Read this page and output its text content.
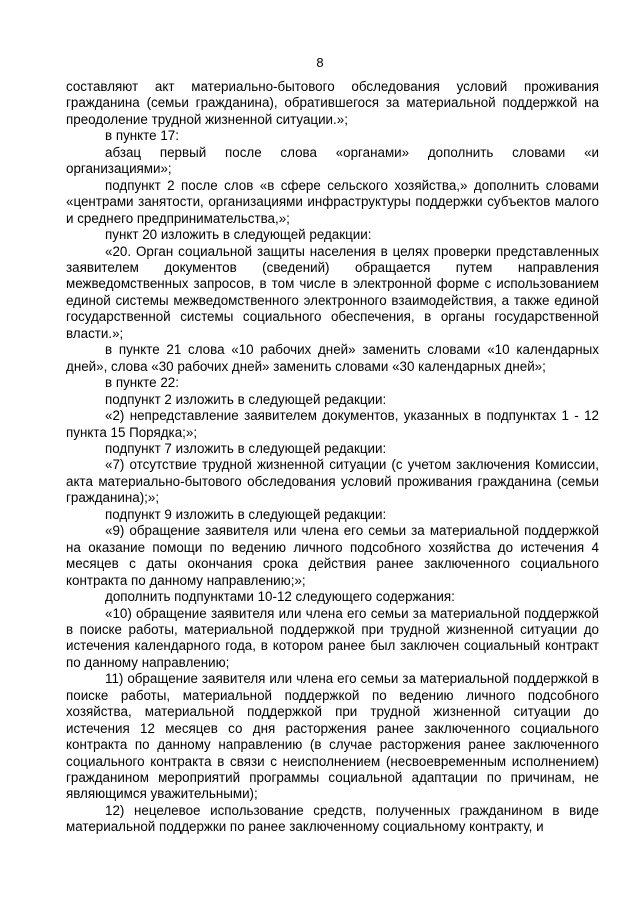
8

составляют акт материально-бытового обследования условий проживания гражданина (семьи гражданина), обратившегося за материальной поддержкой на преодоление трудной жизненной ситуации.»;

в пункте 17:

абзац первый после слова «органами» дополнить словами «и организациями»;

подпункт 2 после слов «в сфере сельского хозяйства,» дополнить словами «центрами занятости, организациями инфраструктуры поддержки субъектов малого и среднего предпринимательства,»;

пункт 20 изложить в следующей редакции:

«20. Орган социальной защиты населения в целях проверки представленных заявителем документов (сведений) обращается путем направления межведомственных запросов, в том числе в электронной форме с использованием единой системы межведомственного электронного взаимодействия, а также единой государственной системы социального обеспечения, в органы государственной власти.»;

в пункте 21 слова «10 рабочих дней» заменить словами «10 календарных дней», слова «30 рабочих дней» заменить словами «30 календарных дней»;

в пункте 22:

подпункт 2 изложить в следующей редакции:

«2) непредставление заявителем документов, указанных в подпунктах 1 - 12 пункта 15 Порядка;»;

подпункт 7 изложить в следующей редакции:

«7) отсутствие трудной жизненной ситуации (с учетом заключения Комиссии, акта материально-бытового обследования условий проживания гражданина (семьи гражданина);»;

подпункт 9 изложить в следующей редакции:

«9) обращение заявителя или члена его семьи за материальной поддержкой на оказание помощи по ведению личного подсобного хозяйства до истечения 4 месяцев с даты окончания срока действия ранее заключенного социального контракта по данному направлению;»;

дополнить подпунктами 10-12 следующего содержания:

«10) обращение заявителя или члена его семьи за материальной поддержкой в поиске работы, материальной поддержкой при трудной жизненной ситуации до истечения календарного года, в котором ранее был заключен социальный контракт по данному направлению;

11) обращение заявителя или члена его семьи за материальной поддержкой в поиске работы, материальной поддержкой по ведению личного подсобного хозяйства, материальной поддержкой при трудной жизненной ситуации до истечения 12 месяцев со дня расторжения ранее заключенного социального контракта по данному направлению (в случае расторжения ранее заключенного социального контракта в связи с неисполнением (несвоевременным исполнением) гражданином мероприятий программы социальной адаптации по причинам, не являющимся уважительными);

12) нецелевое использование средств, полученных гражданином в виде материальной поддержки по ранее заключенному социальному контракту, и
